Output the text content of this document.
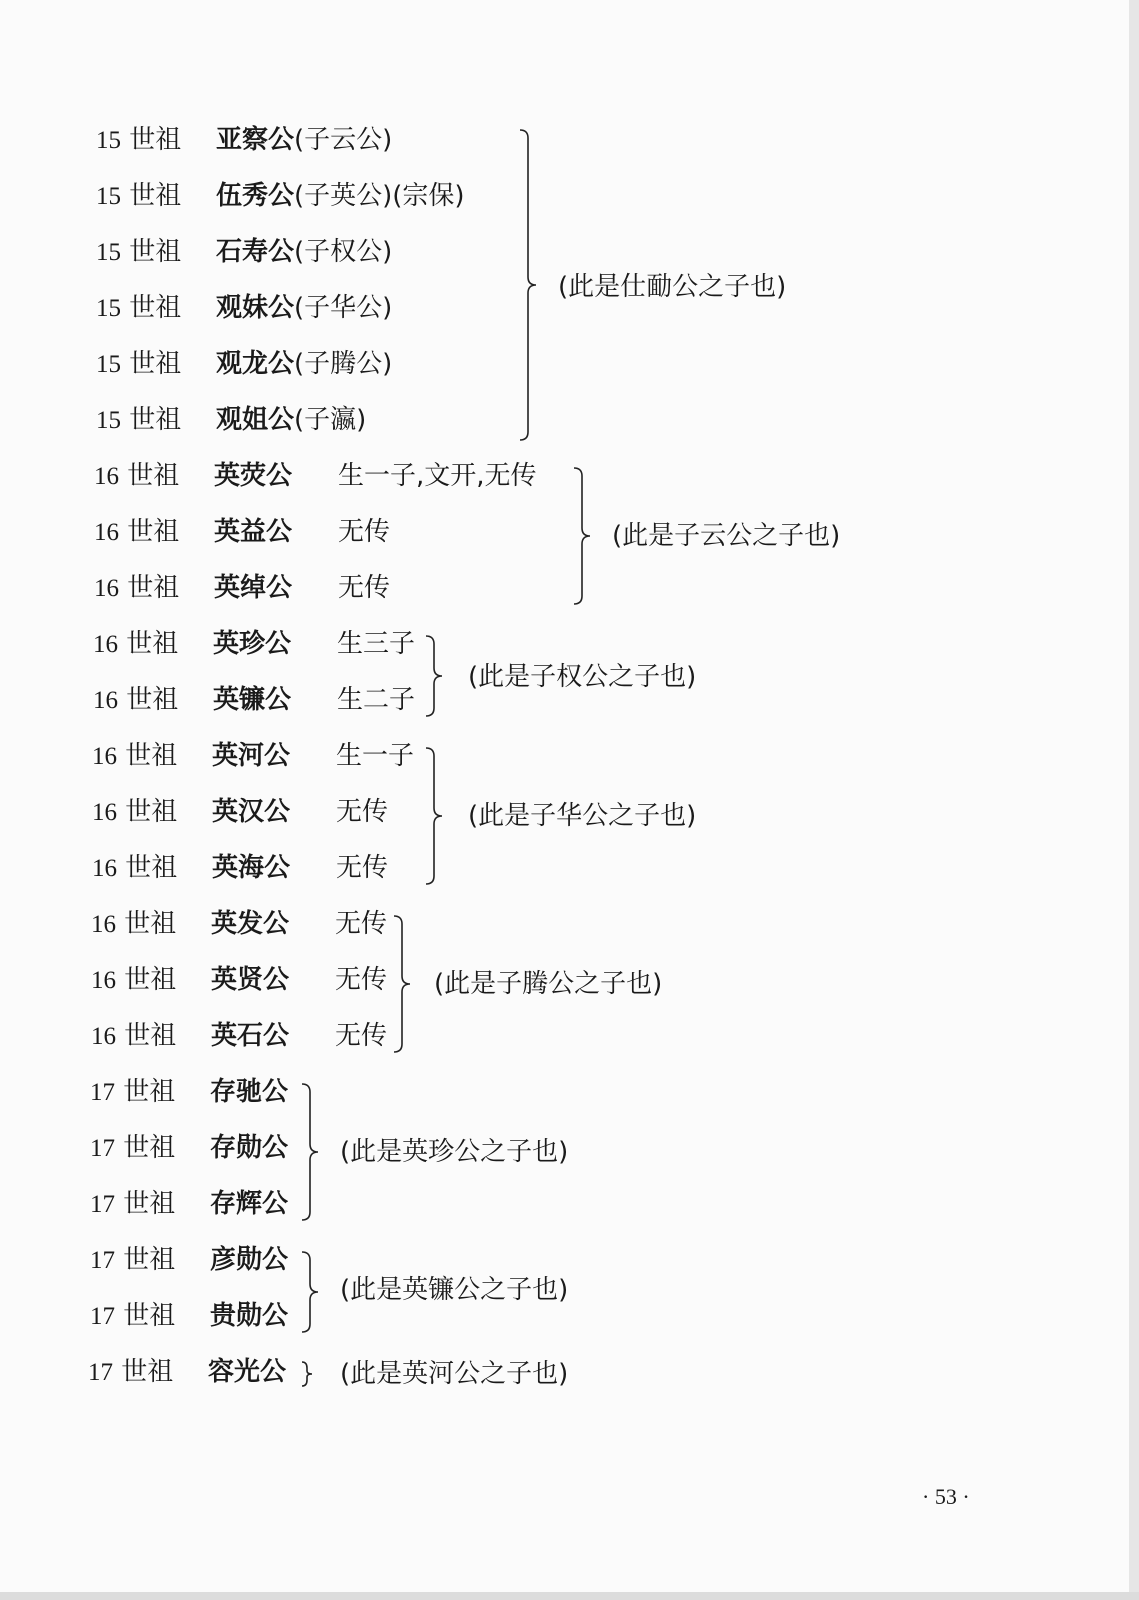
15 世祖 亚察公 (子云公)
15 世祖 伍秀公 (子英公)(宗保)
15 世祖 石寿公 (子权公)
15 世祖 观妹公 (子华公)
15 世祖 观龙公 (子腾公)
15 世祖 观姐公 (子瀛)
16 世祖 英荧公 生一子,文开,无传
16 世祖 英益公 无传
16 世祖 英绰公 无传
16 世祖 英珍公 生三子
16 世祖 英镰公 生二子
16 世祖 英河公 生一子
16 世祖 英汉公 无传
16 世祖 英海公 无传
16 世祖 英发公 无传
16 世祖 英贤公 无传
16 世祖 英石公 无传
17 世祖 存驰公
17 世祖 存勋公
17 世祖 存辉公
17 世祖 彦勋公
17 世祖 贵勋公
17 世祖 容光公
(此是仕勔公之子也)
(此是子云公之子也)
(此是子权公之子也)
(此是子华公之子也)
(此是子腾公之子也)
(此是英珍公之子也)
(此是英镰公之子也)
(此是英河公之子也)
· 53 ·
